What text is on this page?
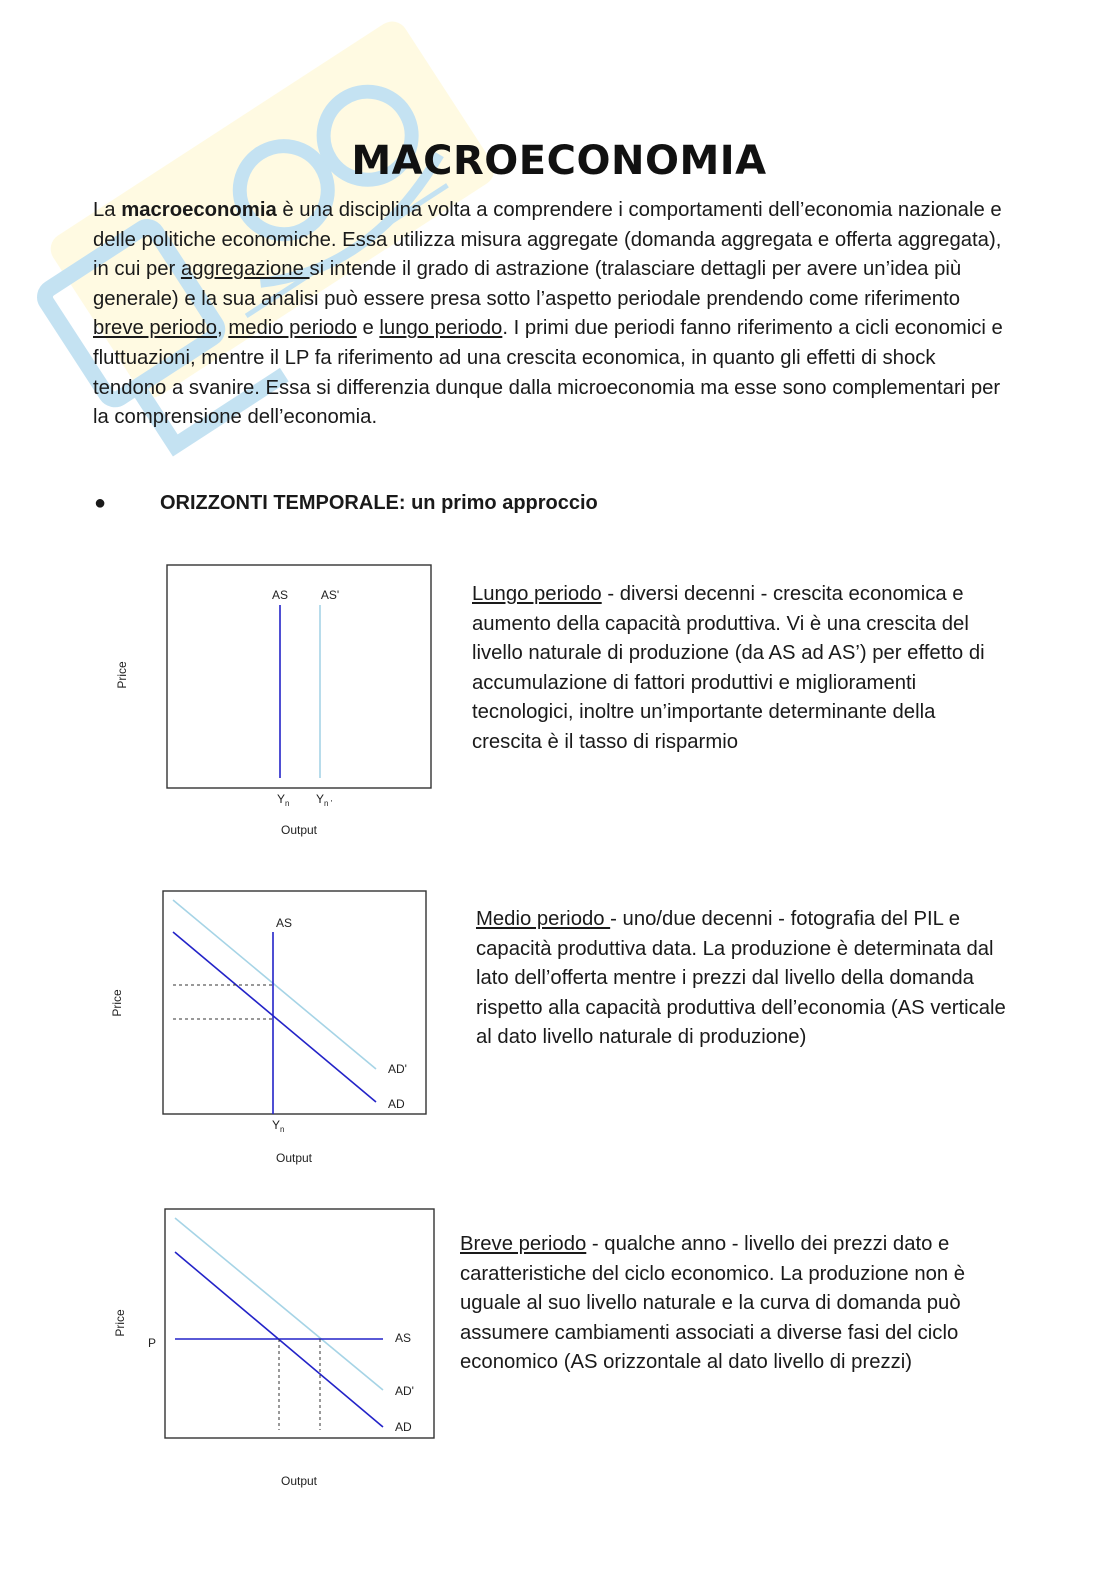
MACROECONOMIA

La macroeconomia è una disciplina volta a comprendere i comportamenti dell’economia nazionale e delle politiche economiche. Essa utilizza misura aggregate (domanda aggregata e offerta aggregata), in cui per aggregazione si intende il grado di astrazione (tralasciare dettagli per avere un’idea più generale) e la sua analisi può essere presa sotto l’aspetto periodale prendendo come riferimento breve periodo, medio periodo e lungo periodo. I primi due periodi fanno riferimento a cicli economici e fluttuazioni, mentre il LP fa riferimento ad una crescita economica, in quanto gli effetti di shock tendono a svanire. Essa si differenzia dunque dalla microeconomia ma esse sono complementari per la comprensione dell’economia.

●	ORIZZONTI TEMPORALE: un primo approccio
AS	AS'
$Y_n$ $Y_{n '}$
Output
Price

Lungo periodo - diversi decenni - crescita economica e aumento della capacità produttiva. Vi è una crescita del livello naturale di produzione (da AS ad AS’) per effetto di accumulazione di fattori produttivi e miglioramenti tecnologici, inoltre un’importante determinante della crescita è il tasso di risparmio

AS
AD'
AD
$Y_n$
Output
Price

Medio periodo - uno/due decenni - fotografia del PIL e capacità produttiva data. La produzione è determinata dal lato dell’offerta mentre i prezzi dal livello della domanda rispetto alla capacità produttiva dell’economia (AS verticale al dato livello naturale di produzione)

P	AS
AD'
AD
Output
Price

Breve periodo - qualche anno - livello dei prezzi dato e caratteristiche del ciclo economico. La produzione non è uguale al suo livello naturale e la curva di domanda può assumere cambiamenti associati a diverse fasi del ciclo economico (AS orizzontale al dato livello di prezzi)
